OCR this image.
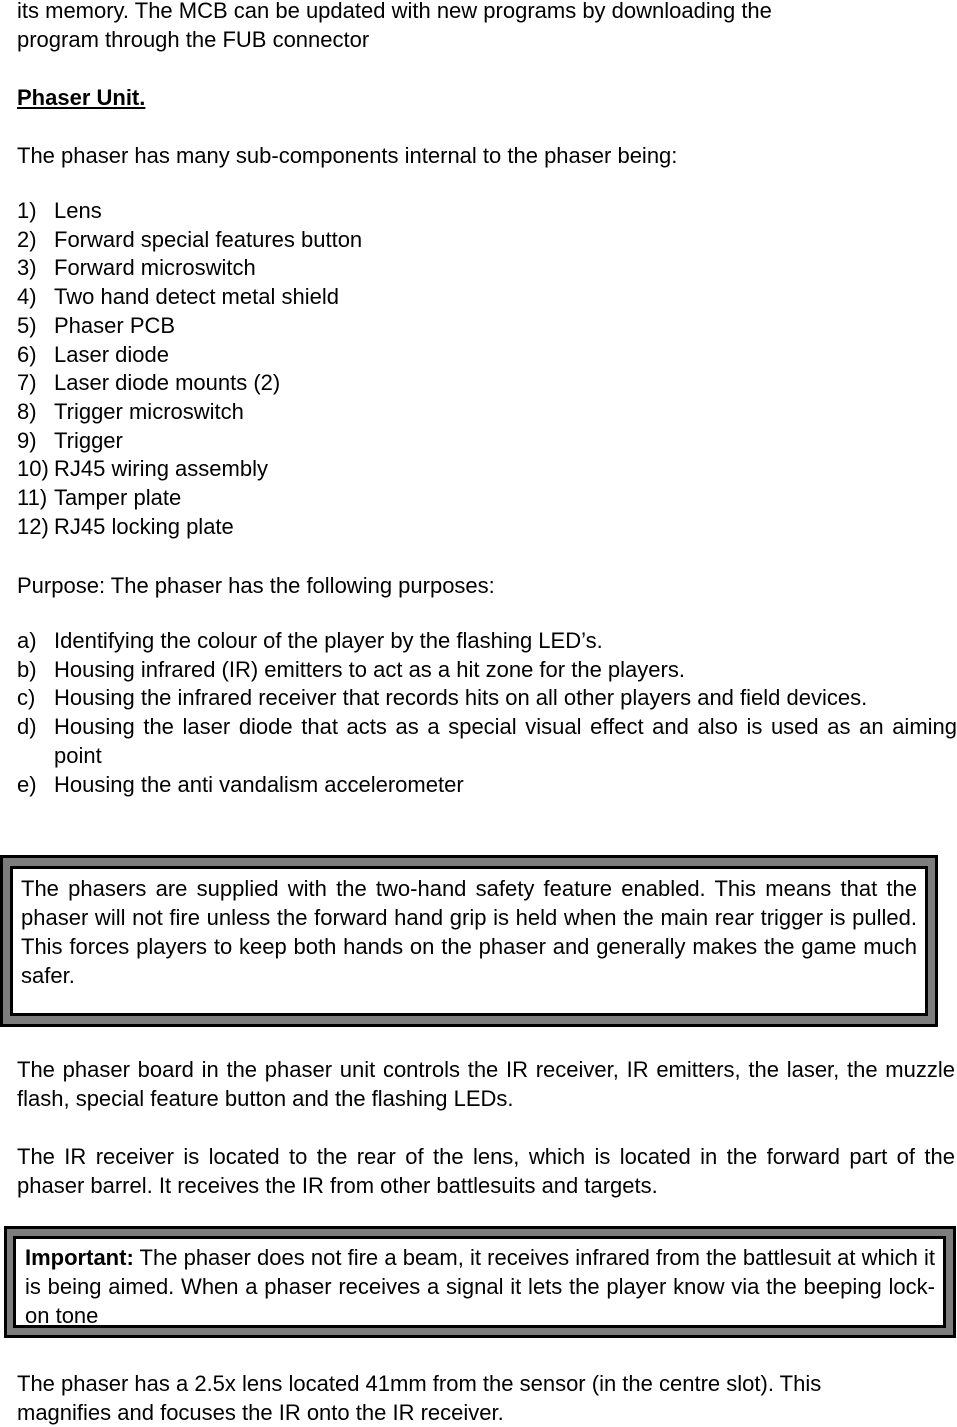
its memory. The MCB can be updated with new programs by downloading the

program through the FUB connector

Phaser Unit.

The phaser has many sub-components internal to the phaser being:

1) Lens
2) Forward special features button
3) Forward microswitch
4) Two hand detect metal shield
5) Phaser PCB
6) Laser diode
7) Laser diode mounts (2)
8) Trigger microswitch
9) Trigger
10) RJ45 wiring assembly
11) Tamper plate
12) RJ45 locking plate

Purpose: The phaser has the following purposes:

a) Identifying the colour of the player by the flashing LED’s.
b) Housing infrared (IR) emitters to act as a hit zone for the players.
c) Housing the infrared receiver that records hits on all other players and field devices.
d) Housing the laser diode that acts as a special visual effect and also is used as an aiming point
e) Housing the anti vandalism accelerometer
The phasers are supplied with the two-hand safety feature enabled. This means that the phaser will not fire unless the forward hand grip is held when the main rear trigger is pulled. This forces players to keep both hands on the phaser and generally makes the game much safer.

The phaser board in the phaser unit controls the IR receiver, IR emitters, the laser, the muzzle flash, special feature button and the flashing LEDs.

The IR receiver is located to the rear of the lens, which is located in the forward part of the phaser barrel. It receives the IR from other battlesuits and targets.

Important: The phaser does not fire a beam, it receives infrared from the battlesuit at which it is being aimed. When a phaser receives a signal it lets the player know via the beeping lock-on tone

The phaser has a 2.5x lens located 41mm from the sensor (in the centre slot). This

magnifies and focuses the IR onto the IR receiver.
